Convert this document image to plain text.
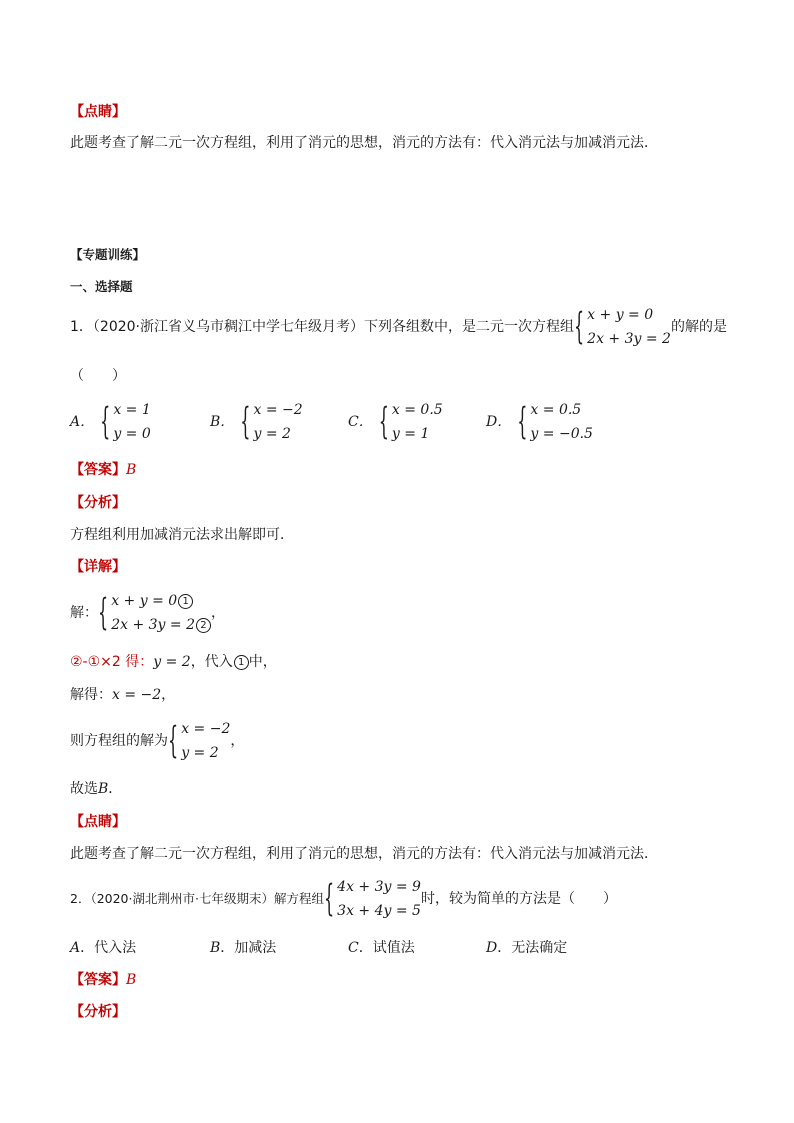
【点睛】
此题考查了解二元一次方程组，利用了消元的思想，消元的方法有：代入消元法与加减消元法．
【专题训练】
一、选择题
1．（2020·浙江省义乌市稠江中学七年级月考）下列各组数中，是二元一次方程组 { x + y = 0
2x + 3y = 2
的解的是
（　　）
A． { x = 1
y = 0
B． { x = −2
y = 2
C． { x = 0.5
y = 1
D． { x = 0.5
y = −0.5
【答案】B
【分析】
方程组利用加减消元法求出解即可．
【详解】
解： { x + y = 0 1
2x + 3y = 2 2
，
②-①×2 得：y = 2，代入 1 中，
解得：x = −2，
则方程组的解为 { x = −2
y = 2
，
故选B．
【点睛】
此题考查了解二元一次方程组，利用了消元的思想，消元的方法有：代入消元法与加减消元法．
2．（2020·湖北荆州市·七年级期末）解方程组 { 4x + 3y = 9
3x + 4y = 5
时，较为简单的方法是（　　）
A．代入法	B．加减法	C．试值法	D．无法确定
【答案】B
【分析】
